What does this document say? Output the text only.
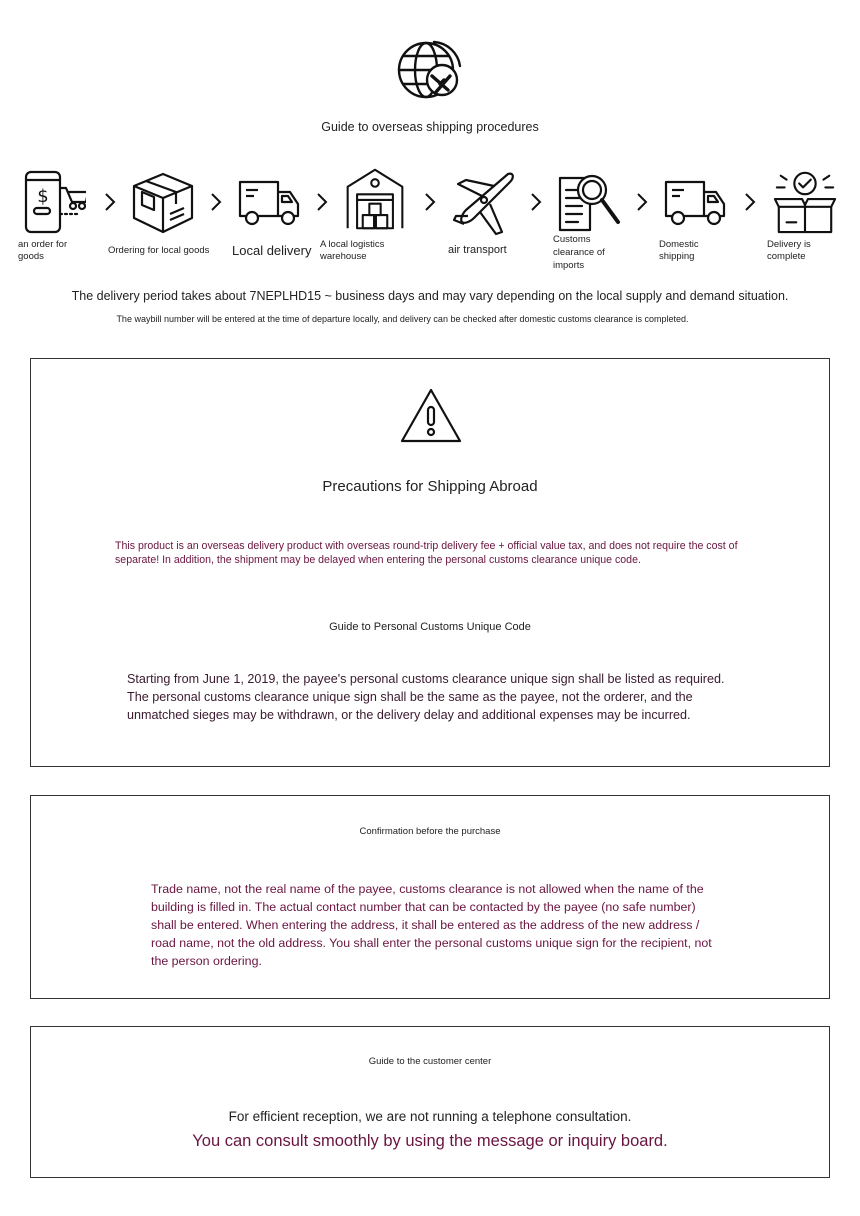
Guide to overseas shipping procedures
$
an order for goods	Ordering for local goods	Local delivery A local logistics warehouse	air transport
Customs clearance of imports
Domestic shipping
Delivery is complete
The delivery period takes about 7NEPLHD15 ~ business days and may vary depending on the local supply and demand situation.
The waybill number will be entered at the time of departure locally, and delivery can be checked after domestic customs clearance is completed.
Precautions for Shipping Abroad
This product is an overseas delivery product with overseas round-trip delivery fee + official value tax, and does not require the cost of separate! In addition, the shipment may be delayed when entering the personal customs clearance unique code.
Guide to Personal Customs Unique Code
Starting from June 1, 2019, the payee's personal customs clearance unique sign shall be listed as required. The personal customs clearance unique sign shall be the same as the payee, not the orderer, and the unmatched sieges may be withdrawn, or the delivery delay and additional expenses may be incurred.
Confirmation before the purchase
Trade name, not the real name of the payee, customs clearance is not allowed when the name of the building is filled in. The actual contact number that can be contacted by the payee (no safe number) shall be entered. When entering the address, it shall be entered as the address of the new address / road name, not the old address. You shall enter the personal customs unique sign for the recipient, not the person ordering.
Guide to the customer center
For efficient reception, we are not running a telephone consultation.
You can consult smoothly by using the message or inquiry board.
